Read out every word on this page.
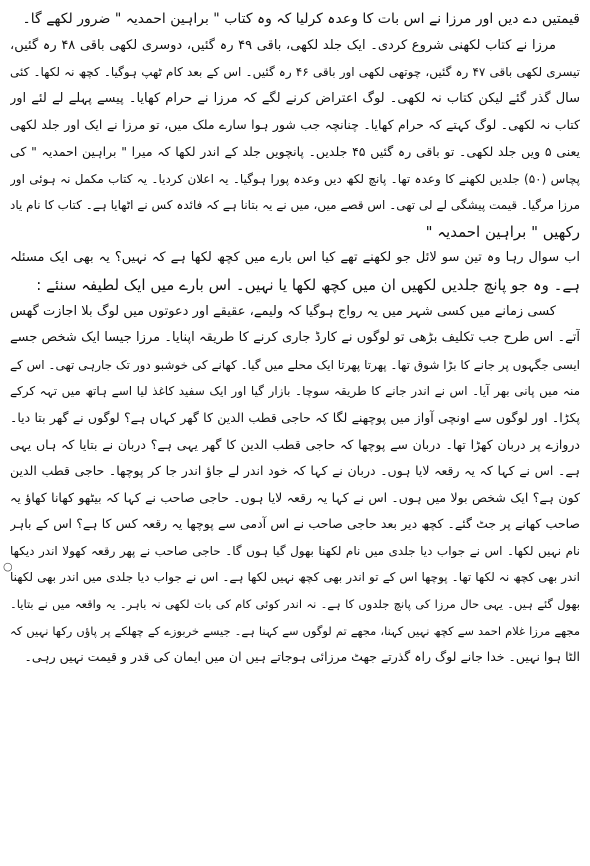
قیمتیں دے دیں اور مرزا نے اس بات کا وعدہ کرلیا کہ وہ کتاب " براہین احمدیہ " ضرور لکھے گا۔
مرزا نے کتاب لکھنی شروع کردی۔ ایک جلد لکھی، باقی ۴۹ رہ گئیں، دوسری لکھی باقی ۴۸ رہ گئیں،
تیسری لکھی باقی ۴۷ رہ گئیں، چوتھی لکھی اور باقی ۴۶ رہ گئیں۔ اس کے بعد کام ٹھپ ہوگیا۔ کچھ نہ لکھا۔ کئی
سال گذر گئے لیکن کتاب نہ لکھی۔ لوگ اعتراض کرنے لگے کہ مرزا نے حرام کھایا۔ پیسے پہلے لے لئے اور
کتاب نہ لکھی۔ لوگ کہتے کہ حرام کھایا۔ چنانچہ جب شور ہوا سارے ملک میں، تو مرزا نے ایک اور جلد لکھی
یعنی ۵ ویں جلد لکھی۔ تو باقی رہ گئیں ۴۵ جلدیں۔ پانچویں جلد کے اندر لکھا کہ میرا " براہین احمدیہ " کی
پچاس (۵۰) جلدیں لکھنے کا وعدہ تھا۔ پانچ لکھ دیں وعدہ پورا ہوگیا۔ یہ اعلان کردیا۔ یہ کتاب مکمل نہ ہوئی اور
مرزا مرگیا۔ قیمت پیشگی لے لی تھی۔ اس قصے میں، میں نے یہ بتانا ہے کہ فائدہ کس نے اٹھایا ہے۔ کتاب کا نام یاد
رکھیں " براہین احمدیہ "
اب سوال رہا وہ تین سو لائل جو لکھنے تھے کیا اس بارے میں کچھ لکھا ہے کہ نہیں؟ یہ بھی ایک مسئلہ
ہے۔ وہ جو پانچ جلدیں لکھیں ان میں کچھ لکھا یا نہیں۔ اس بارے میں ایک لطیفہ سنئے :
کسی زمانے میں کسی شہر میں یہ رواج ہوگیا کہ ولیمے، عقیقے اور دعوتوں میں لوگ بلا اجازت گھس
آتے۔ اس طرح جب تکلیف بڑھی تو لوگوں نے کارڈ جاری کرنے کا طریقہ اپنایا۔ مرزا جیسا ایک شخص جسے
ایسی جگہوں پر جانے کا بڑا شوق تھا۔ پھرتا پھرتا ایک محلے میں گیا۔ کھانے کی خوشبو دور تک جارہی تھی۔ اس کے
منہ میں پانی بھر آیا۔ اس نے اندر جانے کا طریقہ سوچا۔ بازار گیا اور ایک سفید کاغذ لیا اسے ہاتھ میں تہہ کرکے
پکڑا۔ اور لوگوں سے اونچی آواز میں پوچھنے لگا کہ حاجی قطب الدین کا گھر کہاں ہے؟ لوگوں نے گھر بتا دیا۔
دروازے پر دربان کھڑا تھا۔ دربان سے پوچھا کہ حاجی قطب الدین کا گھر یہی ہے؟ دربان نے بتایا کہ ہاں یہی
ہے۔ اس نے کہا کہ یہ رقعہ لایا ہوں۔ دربان نے کہا کہ خود اندر لے جاؤ اندر جا کر پوچھا۔ حاجی قطب الدین
کون ہے؟ ایک شخص بولا میں ہوں۔ اس نے کہا یہ رقعہ لایا ہوں۔ حاجی صاحب نے کہا کہ بیٹھو کھانا کھاؤ یہ
صاحب کھانے پر جٹ گئے۔ کچھ دیر بعد حاجی صاحب نے اس آدمی سے پوچھا یہ رقعہ کس کا ہے؟ اس کے باہر
نام نہیں لکھا۔ اس نے جواب دیا جلدی میں نام لکھنا بھول گیا ہوں گا۔ حاجی صاحب نے پھر رقعہ کھولا اندر دیکھا
اندر بھی کچھ نہ لکھا تھا۔ پوچھا اس کے تو اندر بھی کچھ نہیں لکھا ہے۔ اس نے جواب دیا جلدی میں اندر بھی لکھنا
بھول گئے ہیں۔ یہی حال مرزا کی پانچ جلدوں کا ہے۔ نہ اندر کوئی کام کی بات لکھی نہ باہر۔ یہ واقعہ میں نے بتایا۔
مجھے مرزا غلام احمد سے کچھ نہیں کہنا، مجھے تم لوگوں سے کہنا ہے۔ جیسے خربوزے کے چھلکے پر پاؤں رکھا نہیں کہ
الٹا ہوا نہیں۔ خدا جانے لوگ راہ گذرتے جھٹ مرزائی ہوجاتے ہیں ان میں ایمان کی قدر و قیمت نہیں رہی۔
○
